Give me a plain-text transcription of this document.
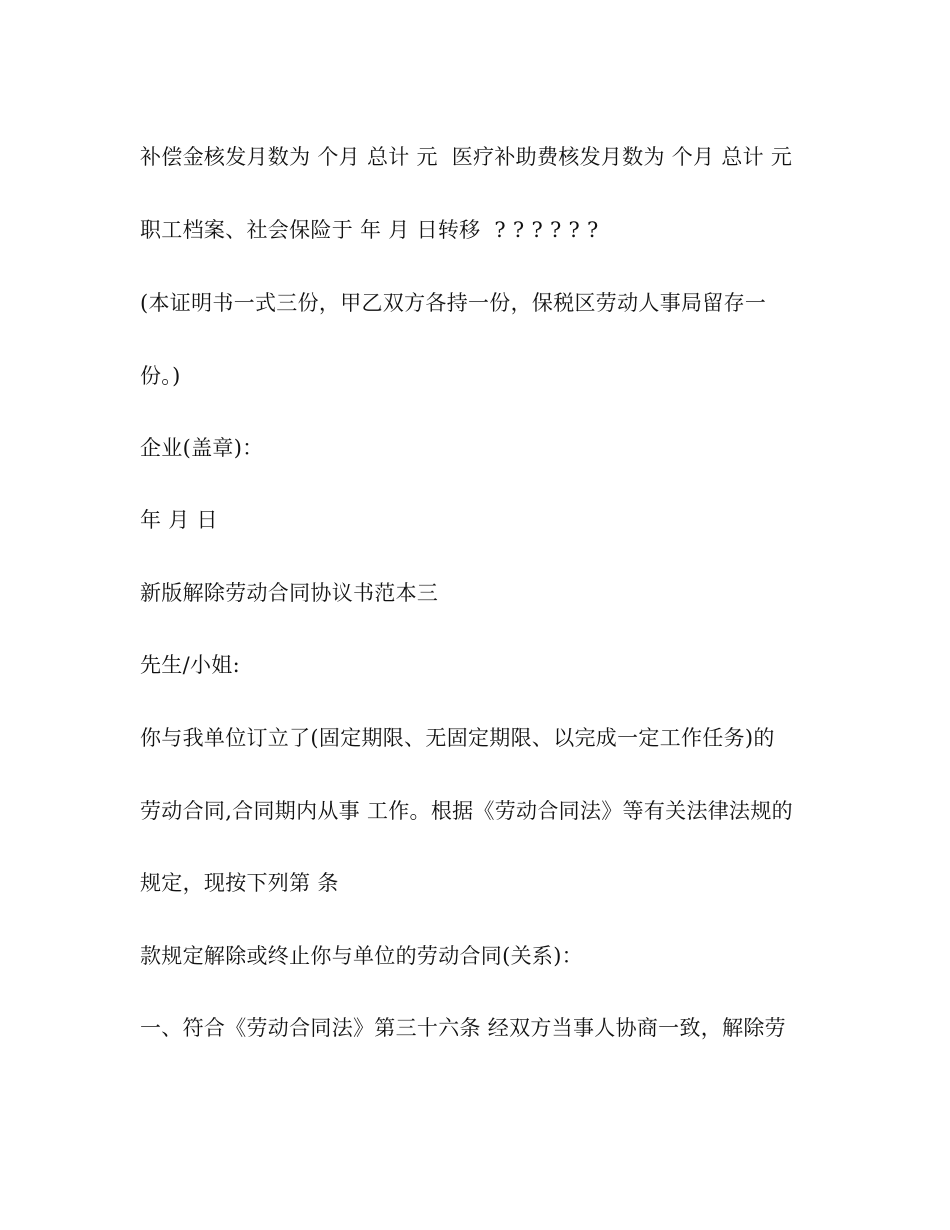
补偿金核发月数为 个月 总计 元  医疗补助费核发月数为 个月 总计 元
职工档案、社会保险于 年 月 日转移  ? ? ? ? ? ?
(本证明书一式三份，甲乙双方各持一份，保税区劳动人事局留存一
份。)
企业(盖章)：
年 月 日
新版解除劳动合同协议书范本三
先生/小姐:
你与我单位订立了(固定期限、无固定期限、以完成一定工作任务)的
劳动合同,合同期内从事 工作。根据《劳动合同法》等有关法律法规的
规定，现按下列第 条
款规定解除或终止你与单位的劳动合同(关系)：
一、符合《劳动合同法》第三十六条 经双方当事人协商一致，解除劳
